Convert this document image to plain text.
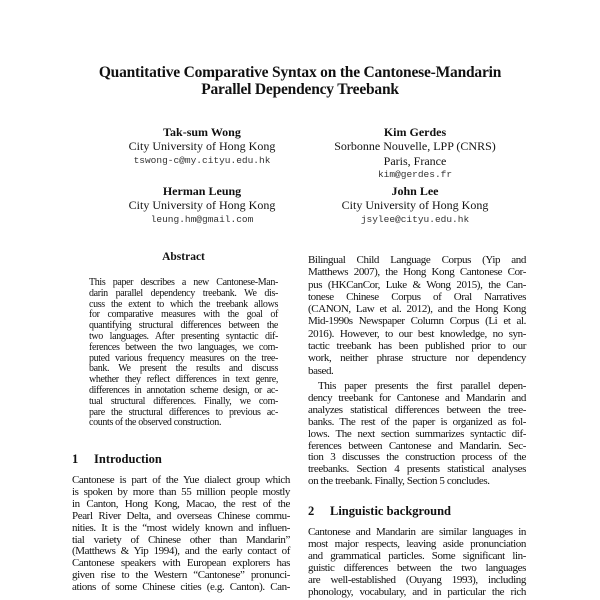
Quantitative Comparative Syntax on the Cantonese-Mandarin
Parallel Dependency Treebank
Tak-sum Wong
City University of Hong Kong
tswong-c@my.cityu.edu.hk
Kim Gerdes
Sorbonne Nouvelle, LPP (CNRS)
Paris, France
kim@gerdes.fr
Herman Leung
City University of Hong Kong
leung.hm@gmail.com
John Lee
City University of Hong Kong
jsylee@cityu.edu.hk
Abstract
This paper describes a new Cantonese-Man-
darin parallel dependency treebank. We dis-
cuss the extent to which the treebank allows
for comparative measures with the goal of
quantifying structural differences between the
two languages. After presenting syntactic dif-
ferences between the two languages, we com-
puted various frequency measures on the tree-
bank. We present the results and discuss
whether they reflect differences in text genre,
differences in annotation scheme design, or ac-
tual structural differences. Finally, we com-
pare the structural differences to previous ac-
counts of the observed construction.
1 Introduction
Cantonese is part of the Yue dialect group which
is spoken by more than 55 million people mostly
in Canton, Hong Kong, Macao, the rest of the
Pearl River Delta, and overseas Chinese commu-
nities. It is the “most widely known and influen-
tial variety of Chinese other than Mandarin”
(Matthews & Yip 1994), and the early contact of
Cantonese speakers with European explorers has
given rise to the Western “Cantonese” pronunci-
ations of some Chinese cities (e.g. Canton). Can-
Bilingual Child Language Corpus (Yip and
Matthews 2007), the Hong Kong Cantonese Cor-
pus (HKCanCor, Luke & Wong 2015), the Can-
tonese Chinese Corpus of Oral Narratives
(CANON, Law et al. 2012), and the Hong Kong
Mid-1990s Newspaper Column Corpus (Li et al.
2016). However, to our best knowledge, no syn-
tactic treebank has been published prior to our
work, neither phrase structure nor dependency
based.
This paper presents the first parallel depen-
dency treebank for Cantonese and Mandarin and
analyzes statistical differences between the tree-
banks. The rest of the paper is organized as fol-
lows. The next section summarizes syntactic dif-
ferences between Cantonese and Mandarin. Sec-
tion 3 discusses the construction process of the
treebanks. Section 4 presents statistical analyses
on the treebank. Finally, Section 5 concludes.
2 Linguistic background
Cantonese and Mandarin are similar languages in
most major respects, leaving aside pronunciation
and grammatical particles. Some significant lin-
guistic differences between the two languages
are well-established (Ouyang 1993), including
phonology, vocabulary, and in particular the rich
